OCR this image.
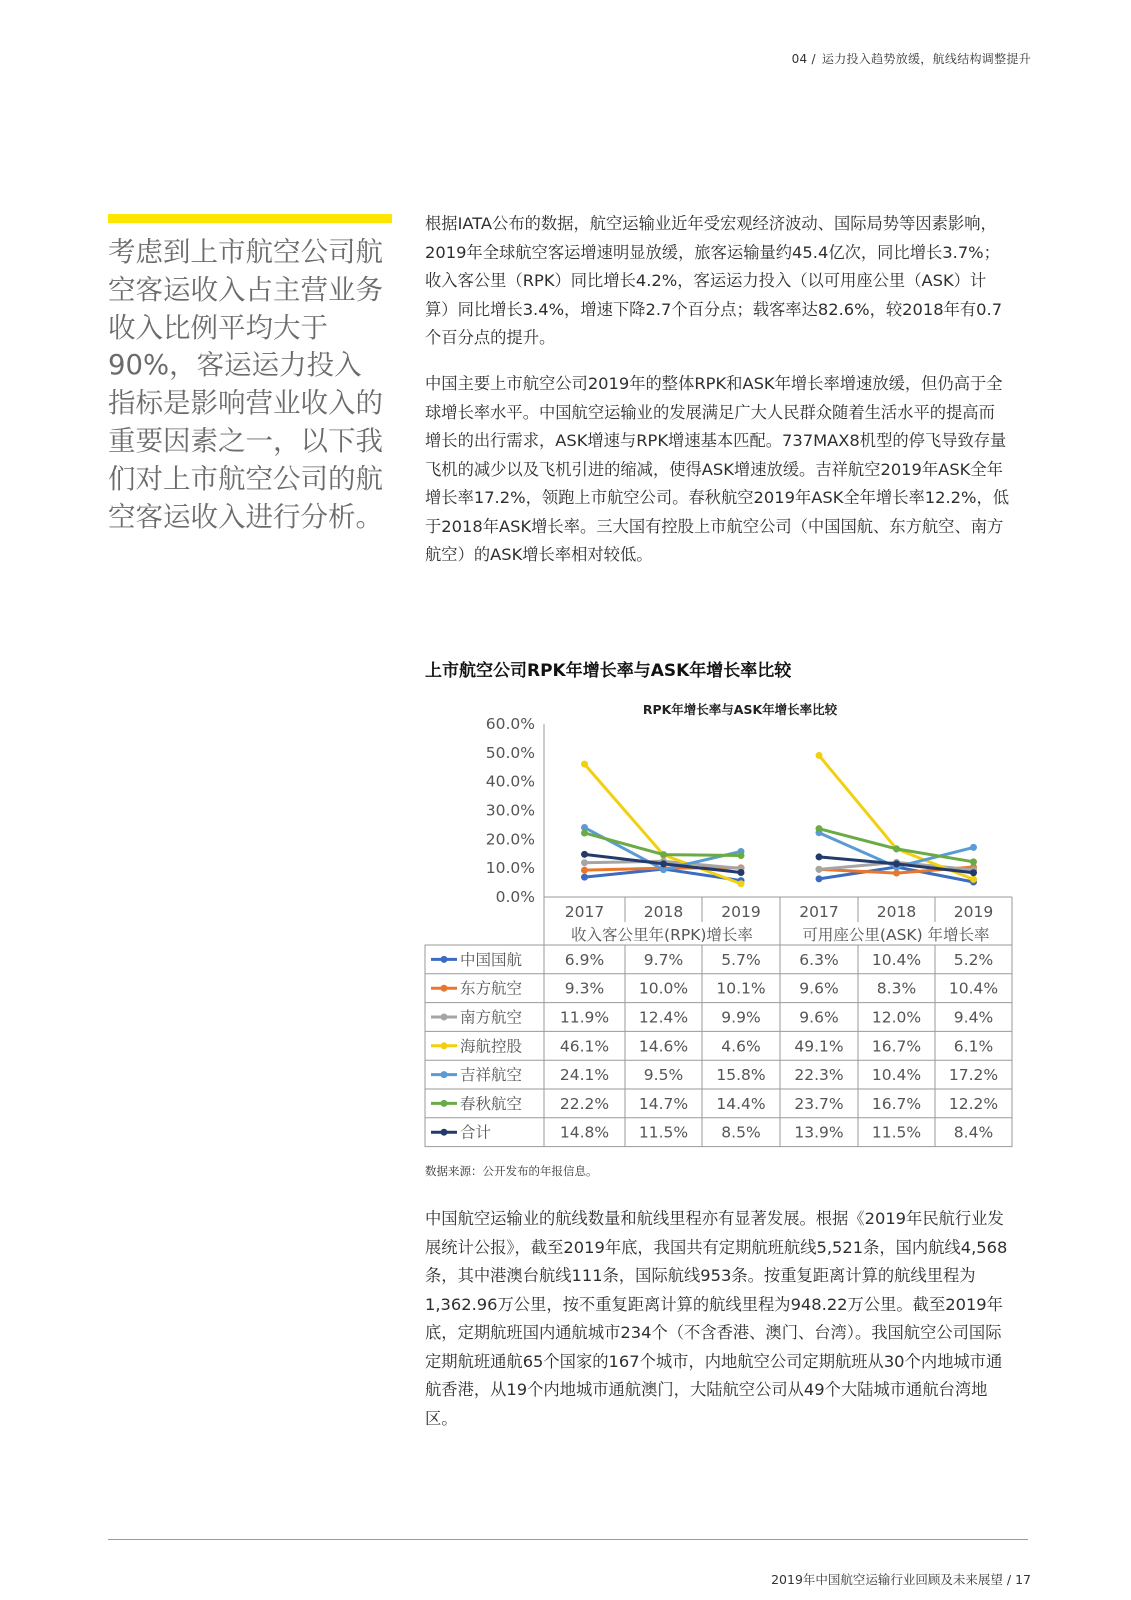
04 / 运力投入趋势放缓，航线结构调整提升

考虑到上市航空公司航空客运收入占主营业务收入比例平均大于90%，客运运力投入指标是影响营业收入的重要因素之一，以下我们对上市航空公司的航空客运收入进行分析。

根据IATA公布的数据，航空运输业近年受宏观经济波动、国际局势等因素影响，2019年全球航空客运增速明显放缓，旅客运输量约45.4亿次，同比增长3.7%；收入客公里（RPK）同比增长4.2%，客运运力投入（以可用座公里（ASK）计算）同比增长3.4%，增速下降2.7个百分点；载客率达82.6%，较2018年有0.7个百分点的提升。

中国主要上市航空公司2019年的整体RPK和ASK年增长率增速放缓，但仍高于全球增长率水平。中国航空运输业的发展满足广大人民群众随着生活水平的提高而增长的出行需求，ASK增速与RPK增速基本匹配。737MAX8机型的停飞导致存量飞机的减少以及飞机引进的缩减，使得ASK增速放缓。吉祥航空2019年ASK全年增长率17.2%，领跑上市航空公司。春秋航空2019年ASK全年增长率12.2%，低于2018年ASK增长率。三大国有控股上市航空公司（中国国航、东方航空、南方航空）的ASK增长率相对较低。

上市航空公司RPK年增长率与ASK年增长率比较
RPK年增长率与ASK年增长率比较
60.0%
50.0%
40.0%
30.0%
20.0%
10.0%
0.0%
2017	2018 2019 2017 2018 2019
收入客公里年(RPK)增长率	可用座公里(ASK) 年增长率
中国国航	6.9%	9.7% 5.7% 6.3% 10.4% 5.2%
东方航空	9.3% 10.0% 10.1% 9.6% 8.3% 10.4%
南方航空 11.9% 12.4% 9.9% 9.6% 12.0% 9.4%
海航控股 46.1% 14.6% 4.6% 49.1% 16.7% 6.1%
吉祥航空 24.1% 9.5% 15.8% 22.3% 10.4% 17.2%
春秋航空 22.2% 14.7% 14.4% 23.7% 16.7% 12.2%
合计	14.8% 11.5% 8.5% 13.9% 11.5% 8.4%
数据来源：公开发布的年报信息。

中国航空运输业的航线数量和航线里程亦有显著发展。根据《2019年民航行业发展统计公报》，截至2019年底，我国共有定期航班航线5,521条，国内航线4,568条，其中港澳台航线111条，国际航线953条。按重复距离计算的航线里程为1,362.96万公里，按不重复距离计算的航线里程为948.22万公里。截至2019年底，定期航班国内通航城市234个（不含香港、澳门、台湾）。我国航空公司国际定期航班通航65个国家的167个城市，内地航空公司定期航班从30个内地城市通航香港，从19个内地城市通航澳门，大陆航空公司从49个大陆城市通航台湾地区。

2019年中国航空运输行业回顾及未来展望 / 17
